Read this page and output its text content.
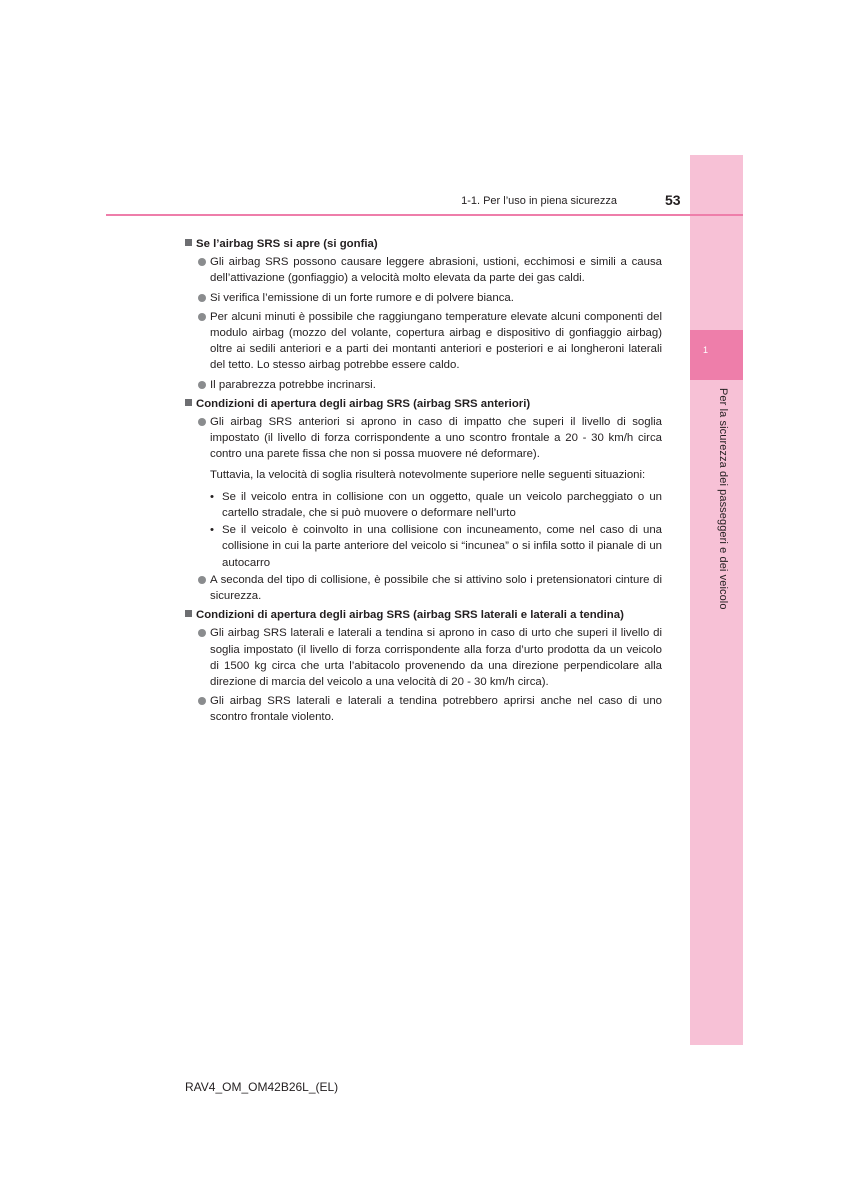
1
Per la sicurezza dei passeggeri e dei veicolo
1-1. Per l’uso in piena sicurezza	53
Se l’airbag SRS si apre (si gonfia)
Gli airbag SRS possono causare leggere abrasioni, ustioni, ecchimosi e simili a causa dell’attivazione (gonfiaggio) a velocità molto elevata da parte dei gas caldi.
Si verifica l’emissione di un forte rumore e di polvere bianca.
Per alcuni minuti è possibile che raggiungano temperature elevate alcuni componenti del modulo airbag (mozzo del volante, copertura airbag e dispositivo di gonfiaggio airbag) oltre ai sedili anteriori e a parti dei montanti anteriori e posteriori e ai longheroni laterali del tetto. Lo stesso airbag potrebbe essere caldo.
Il parabrezza potrebbe incrinarsi.
Condizioni di apertura degli airbag SRS (airbag SRS anteriori)
Gli airbag SRS anteriori si aprono in caso di impatto che superi il livello di soglia impostato (il livello di forza corrispondente a uno scontro frontale a 20 - 30 km/h circa contro una parete fissa che non si possa muovere né deformare).
Tuttavia, la velocità di soglia risulterà notevolmente superiore nelle seguenti situazioni:
• Se il veicolo entra in collisione con un oggetto, quale un veicolo parcheggiato o un cartello stradale, che si può muovere o deformare nell’urto
• Se il veicolo è coinvolto in una collisione con incuneamento, come nel caso di una collisione in cui la parte anteriore del veicolo si “incunea” o si infila sotto il pianale di un autocarro
A seconda del tipo di collisione, è possibile che si attivino solo i pretensionatori cinture di sicurezza.
Condizioni di apertura degli airbag SRS (airbag SRS laterali e laterali a tendina)
Gli airbag SRS laterali e laterali a tendina si aprono in caso di urto che superi il livello di soglia impostato (il livello di forza corrispondente alla forza d’urto prodotta da un veicolo di 1500 kg circa che urta l’abitacolo provenendo da una direzione perpendicolare alla direzione di marcia del veicolo a una velocità di 20 - 30 km/h circa).
Gli airbag SRS laterali e laterali a tendina potrebbero aprirsi anche nel caso di uno scontro frontale violento.
RAV4_OM_OM42B26L_(EL)
